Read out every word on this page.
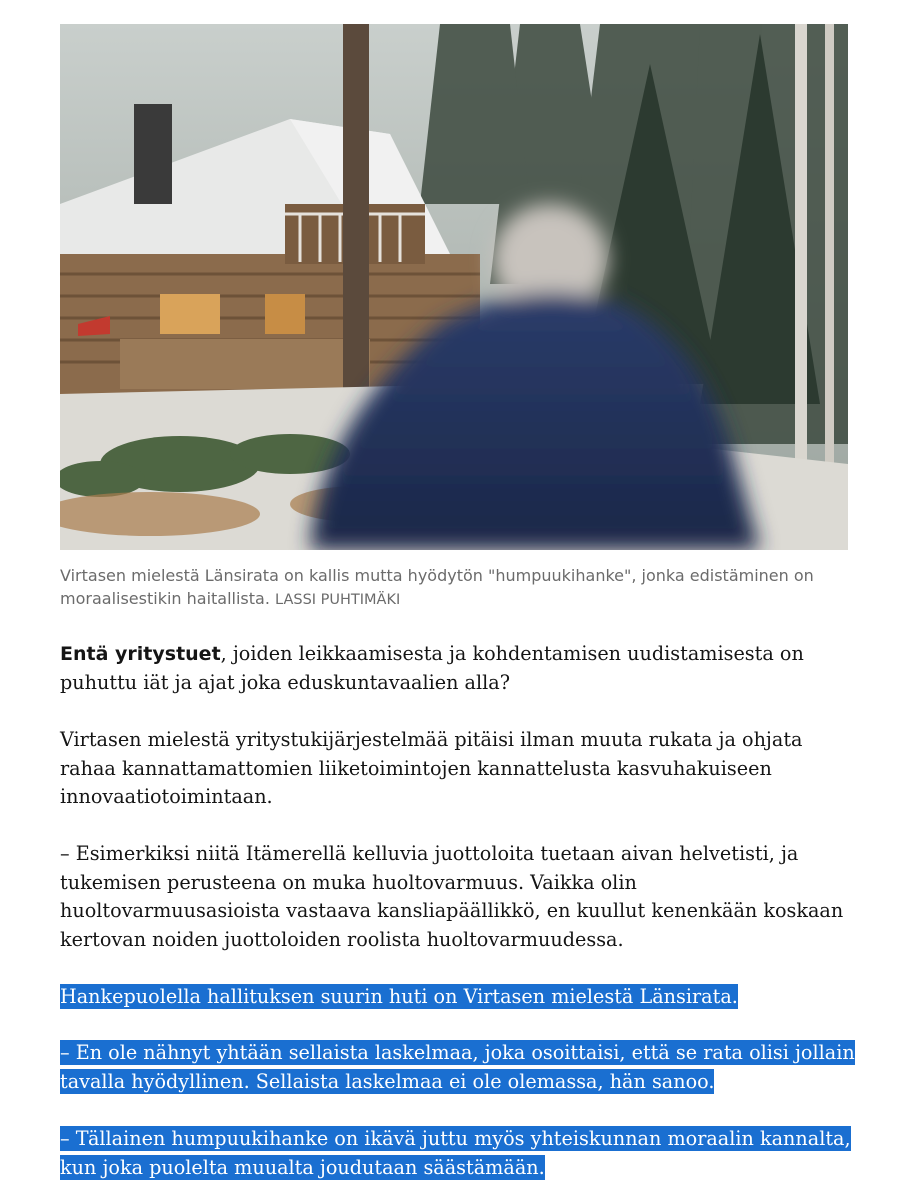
Virtasen mielestä Länsirata on kallis mutta hyödytön "humpuukihanke", jonka edistäminen on moraalisestikin haitallista. LASSI PUHTIMÄKI

Entä yritystuet, joiden leikkaamisesta ja kohdentamisen uudistamisesta on puhuttu iät ja ajat joka eduskuntavaalien alla?

Virtasen mielestä yritystukijärjestelmää pitäisi ilman muuta rukata ja ohjata rahaa kannattamattomien liiketoimintojen kannattelusta kasvuhakuiseen innovaatiotoimintaan.

– Esimerkiksi niitä Itämerellä kelluvia juottoloita tuetaan aivan helvetisti, ja tukemisen perusteena on muka huoltovarmuus. Vaikka olin huoltovarmuusasioista vastaava kansliapäällikkö, en kuullut kenenkään koskaan kertovan noiden juottoloiden roolista huoltovarmuudessa.

Hankepuolella hallituksen suurin huti on Virtasen mielestä Länsirata.

– En ole nähnyt yhtään sellaista laskelmaa, joka osoittaisi, että se rata olisi jollain tavalla hyödyllinen. Sellaista laskelmaa ei ole olemassa, hän sanoo.

– Tällainen humpuukihanke on ikävä juttu myös yhteiskunnan moraalin kannalta, kun joka puolelta muualta joudutaan säästämään.
